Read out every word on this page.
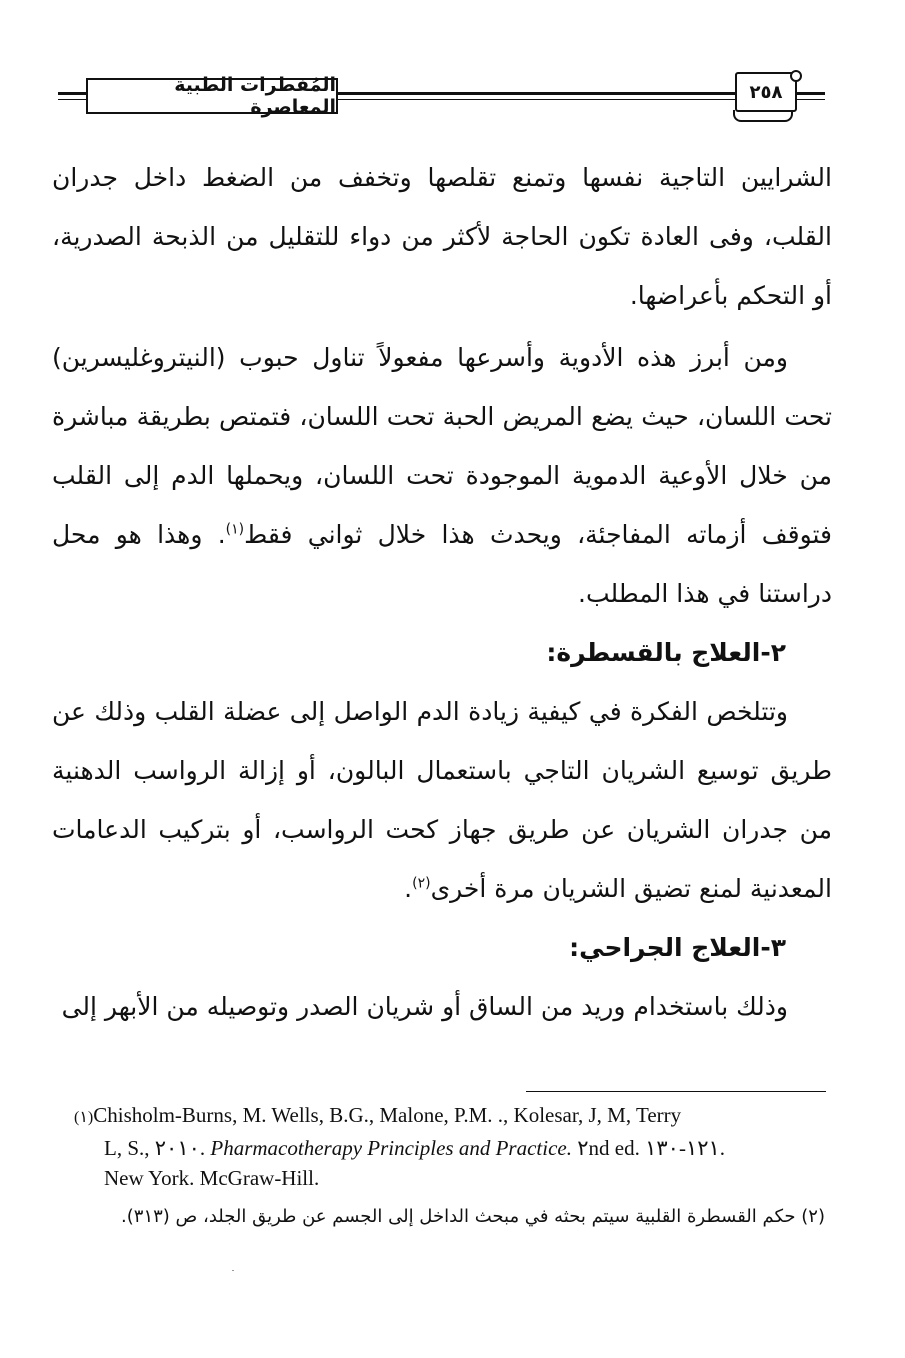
المُفطرات الطبية المعاصرة
٢٥٨

الشرايين التاجية نفسها وتمنع تقلصها وتخفف من الضغط داخل جدران القلب، وفى العادة تكون الحاجة لأكثر من دواء للتقليل من الذبحة الصدرية، أو التحكم بأعراضها.

ومن أبرز هذه الأدوية وأسرعها مفعولاً تناول حبوب (النيتروغليسرين) تحت اللسان، حيث يضع المريض الحبة تحت اللسان، فتمتص بطريقة مباشرة من خلال الأوعية الدموية الموجودة تحت اللسان، ويحملها الدم إلى القلب فتوقف أزماته المفاجئة، ويحدث هذا خلال ثواني فقط$^{(١)}$. وهذا هو محل دراستنا في هذا المطلب.

٢-العلاج بالقسطرة:

وتتلخص الفكرة في كيفية زيادة الدم الواصل إلى عضلة القلب وذلك عن طريق توسيع الشريان التاجي باستعمال البالون، أو إزالة الرواسب الدهنية من جدران الشريان عن طريق جهاز كحت الرواسب، أو بتركيب الدعامات المعدنية لمنع تضيق الشريان مرة أخرى$^{(٢)}$.

٣-العلاج الجراحي:

وذلك باستخدام وريد من الساق أو شريان الصدر وتوصيله من الأبهر إلى

(١)Chisholm-Burns, M. Wells, B.G., Malone, P.M. ., Kolesar, J, M, Terry
L, S., ٢٠١٠. Pharmacotherapy Principles and Practice. ٢nd ed. ١٢١-١٣٠.
New York. McGraw-Hill.
(٢) حكم القسطرة القلبية سيتم بحثه في مبحث الداخل إلى الجسم عن طريق الجلد، ص (٣١٣).
